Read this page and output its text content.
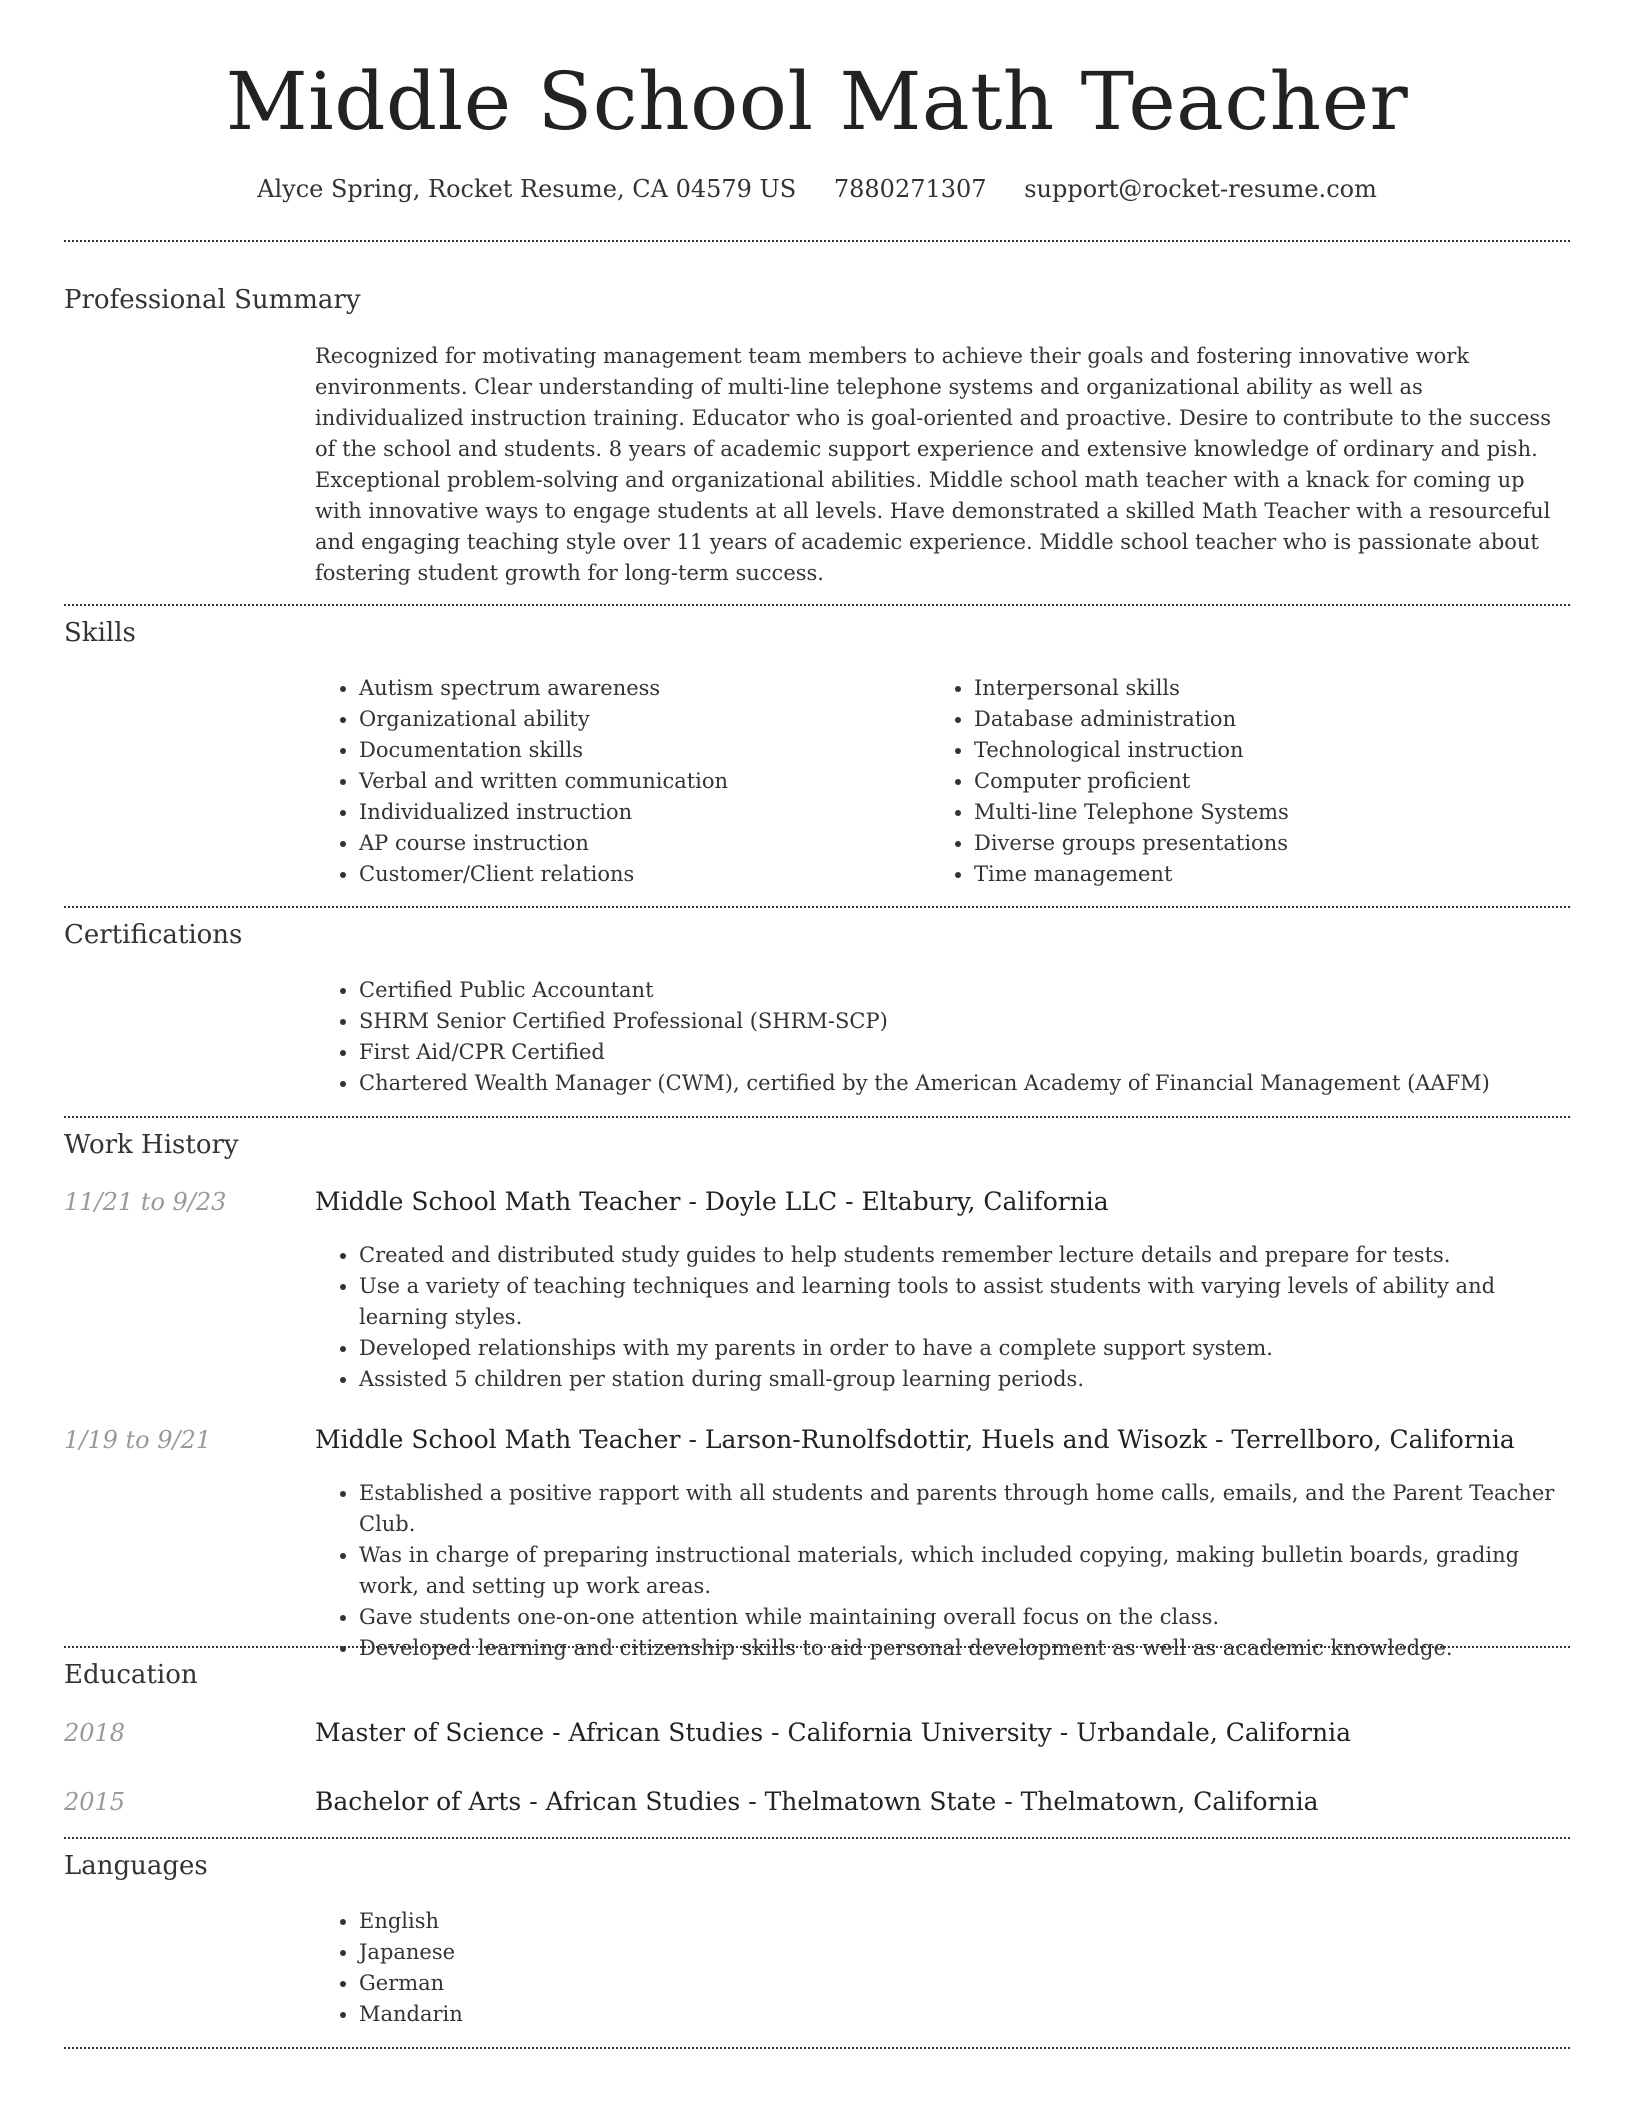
Middle School Math Teacher
Alyce Spring, Rocket Resume, CA 04579 US 7880271307 support@rocket-resume.com
Professional Summary
Recognized for motivating management team members to achieve their goals and fostering innovative work environments. Clear understanding of multi-line telephone systems and organizational ability as well as individualized instruction training. Educator who is goal-oriented and proactive. Desire to contribute to the success of the school and students. 8 years of academic support experience and extensive knowledge of ordinary and pish. Exceptional problem-solving and organizational abilities. Middle school math teacher with a knack for coming up with innovative ways to engage students at all levels. Have demonstrated a skilled Math Teacher with a resourceful and engaging teaching style over 11 years of academic experience. Middle school teacher who is passionate about fostering student growth for long-term success.
Skills
• Autism spectrum awareness
• Organizational ability
• Documentation skills
• Verbal and written communication
• Individualized instruction
• AP course instruction
• Customer/Client relations
• Interpersonal skills
• Database administration
• Technological instruction
• Computer proficient
• Multi-line Telephone Systems
• Diverse groups presentations
• Time management
Certifications
• Certified Public Accountant
• SHRM Senior Certified Professional (SHRM-SCP)
• First Aid/CPR Certified
• Chartered Wealth Manager (CWM), certified by the American Academy of Financial Management (AAFM)
Work History
11/21 to 9/23	Middle School Math Teacher - Doyle LLC - Eltabury, California
• Created and distributed study guides to help students remember lecture details and prepare for tests.
• Use a variety of teaching techniques and learning tools to assist students with varying levels of ability and learning styles.
• Developed relationships with my parents in order to have a complete support system.
• Assisted 5 children per station during small-group learning periods.
1/19 to 9/21	Middle School Math Teacher - Larson-Runolfsdottir, Huels and Wisozk - Terrellboro, California
• Established a positive rapport with all students and parents through home calls, emails, and the Parent Teacher Club.
• Was in charge of preparing instructional materials, which included copying, making bulletin boards, grading work, and setting up work areas.
• Gave students one-on-one attention while maintaining overall focus on the class.
• Developed learning and citizenship skills to aid personal development as well as academic knowledge.
Education
2018	Master of Science - African Studies - California University - Urbandale, California
2015	Bachelor of Arts - African Studies - Thelmatown State - Thelmatown, California
Languages
• English
• Japanese
• German
• Mandarin
